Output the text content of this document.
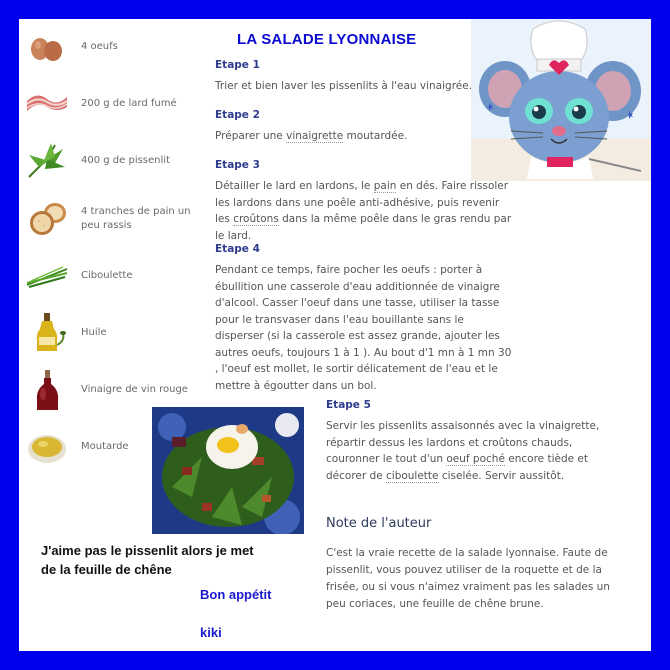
LA SALADE LYONNAISE
4 oeufs
200 g de lard fumé
400 g de pissenlit
4 tranches de pain un peu rassis
Ciboulette
Huile
Vinaigre de vin rouge
Moutarde
Etape 1
Trier et bien laver les pissenlits à l'eau vinaigrée.
Etape 2
Préparer une vinaigrette moutardée.
Etape 3
Détailler le lard en lardons, le pain en dés. Faire rissoler les lardons dans une poêle anti-adhésive, puis revenir les croûtons dans la même poêle dans le gras rendu par le lard.
Etape 4
Pendant ce temps, faire pocher les oeufs : porter à ébullition une casserole d'eau additionnée de vinaigre d'alcool. Casser l'oeuf dans une tasse, utiliser la tasse pour le transvaser dans l'eau bouillante sans le disperser (si la casserole est assez grande, ajouter les autres oeufs, toujours 1 à 1 ). Au bout d'1 mn à 1 mn 30 , l'oeuf est mollet, le sortir délicatement de l'eau et le mettre à égoutter dans un bol.
Etape 5
Servir les pissenlits assaisonnés avec la vinaigrette, répartir dessus les lardons et croûtons chauds, couronner le tout d'un oeuf poché encore tiède et décorer de ciboulette ciselée. Servir aussitôt.
Note de l'auteur
C'est la vraie recette de la salade lyonnaise. Faute de pissenlit, vous pouvez utiliser de la roquette et de la frisée, ou si vous n'aimez vraiment pas les salades un peu coriaces, une feuille de chêne brune.
J'aime pas le pissenlit alors je met
de la feuille de chêne
Bon appétit
kiki
